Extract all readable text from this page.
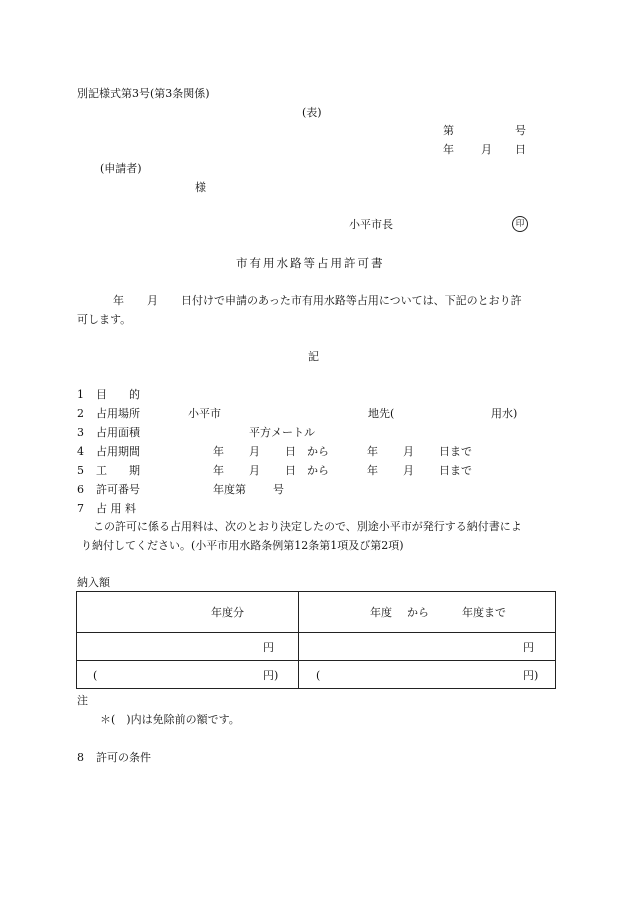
別記様式第3号(第3条関係)
(表)
第	号
年 月 日
(申請者)
様
小平市長	印
市有用水路等占用許可書
年 月 日付けで申請のあった市有用水路等占用については、下記のとおり許
可します。
記
1 目　　的
2 占用場所	小平市	地先(	用水)
3 占用面積	平方メートル
4 占用期間	年 月 日 から	年 月 日まで
5 工　　期	年 月 日 から	年 月 日まで
6 許可番号	年度第 号
7 占 用 料
この許可に係る占用料は、次のとおり決定したので、別途小平市が発行する納付書によ
り納付してください。(小平市用水路条例第12条第1項及び第2項)
納入額
年度分	年度 から	年度まで
円	円
(	円)	(	円)
注
＊(　)内は免除前の額です。
8 許可の条件
